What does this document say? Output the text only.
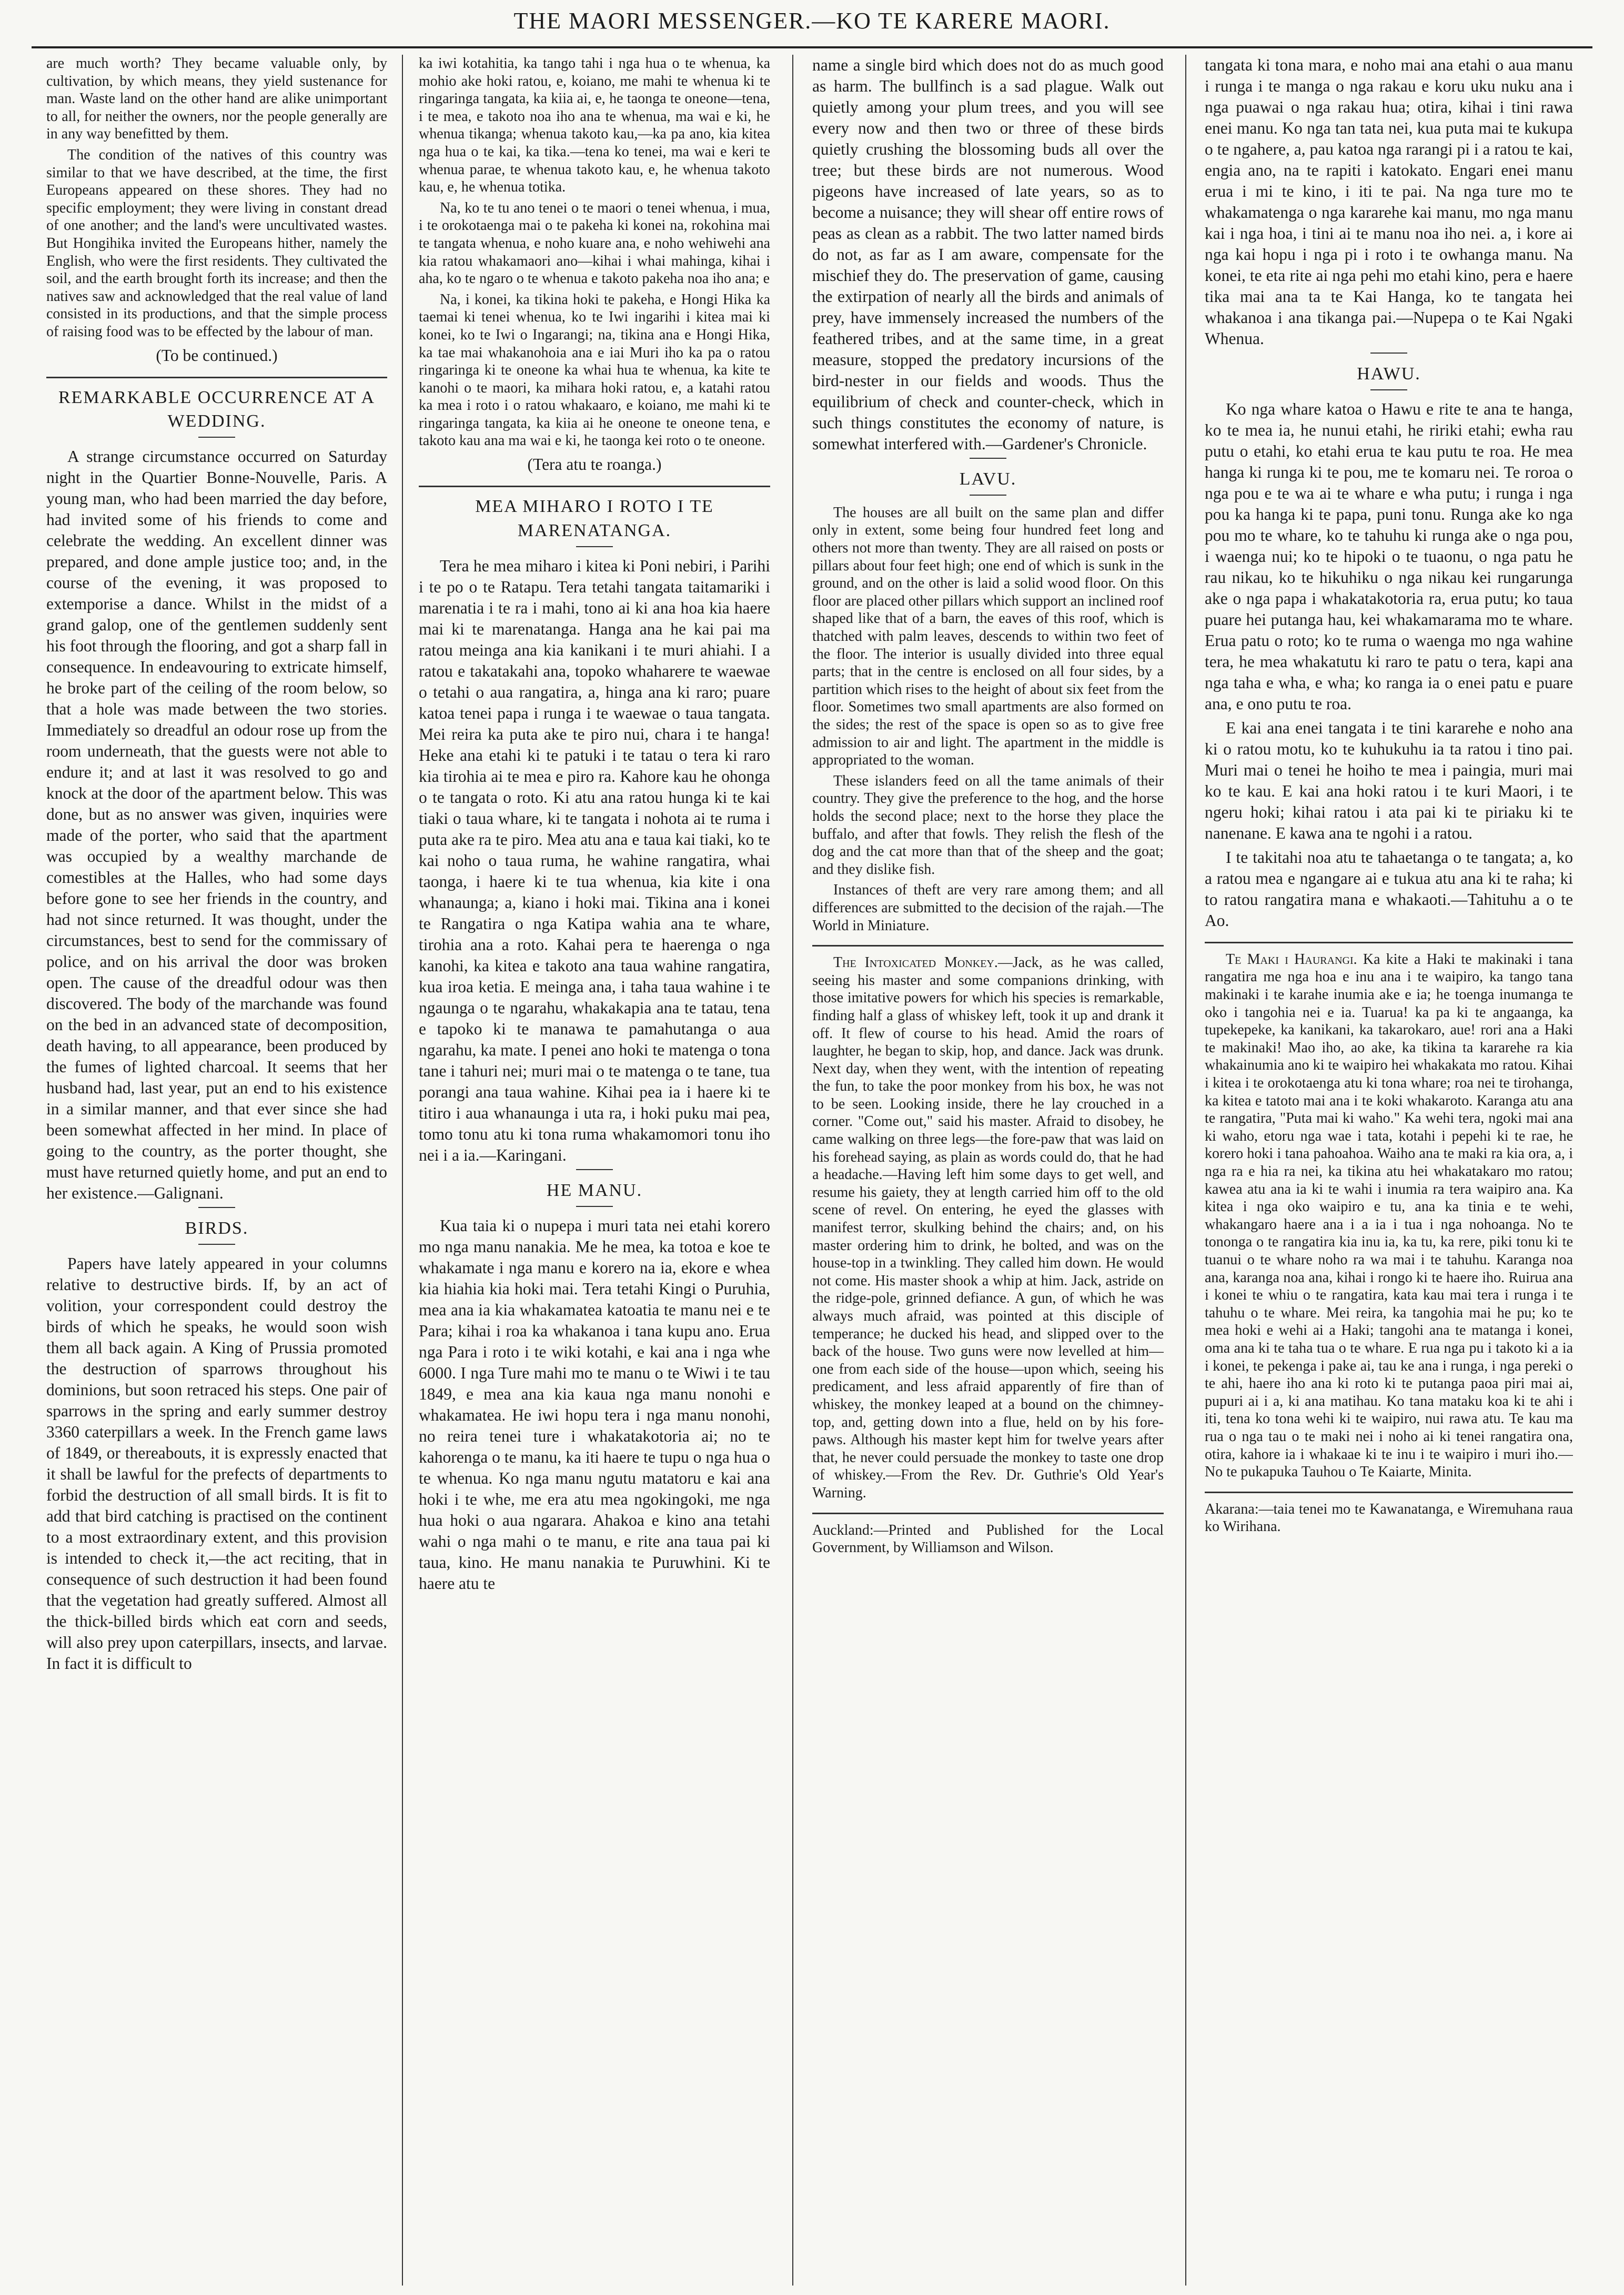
THE MAORI MESSENGER.—KO TE KARERE MAORI.

are much worth? They became valuable only, by cultivation, by which means, they yield sustenance for man. Waste land on the other hand are alike unimportant to all, for neither the owners, nor the people generally are in any way benefitted by them.

The condition of the natives of this country was similar to that we have described, at the time, the first Europeans appeared on these shores. They had no specific employment; they were living in constant dread of one another; and the land's were uncultivated wastes. But Hongihika invited the Europeans hither, namely the English, who were the first residents. They cultivated the soil, and the earth brought forth its increase; and then the natives saw and acknowledged that the real value of land consisted in its productions, and that the simple process of raising food was to be effected by the labour of man.

(To be continued.)

REMARKABLE OCCURRENCE AT A WEDDING.

A strange circumstance occurred on Saturday night in the Quartier Bonne-Nouvelle, Paris. A young man, who had been married the day before, had invited some of his friends to come and celebrate the wedding. An excellent dinner was prepared, and done ample justice too; and, in the course of the evening, it was proposed to extemporise a dance. Whilst in the midst of a grand galop, one of the gentlemen suddenly sent his foot through the flooring, and got a sharp fall in consequence. In endeavouring to extricate himself, he broke part of the ceiling of the room below, so that a hole was made between the two stories. Immediately so dreadful an odour rose up from the room underneath, that the guests were not able to endure it; and at last it was resolved to go and knock at the door of the apartment below. This was done, but as no answer was given, inquiries were made of the porter, who said that the apartment was occupied by a wealthy marchande de comestibles at the Halles, who had some days before gone to see her friends in the country, and had not since returned. It was thought, under the circumstances, best to send for the commissary of police, and on his arrival the door was broken open. The cause of the dreadful odour was then discovered. The body of the marchande was found on the bed in an advanced state of decomposition, death having, to all appearance, been produced by the fumes of lighted charcoal. It seems that her husband had, last year, put an end to his existence in a similar manner, and that ever since she had been somewhat affected in her mind. In place of going to the country, as the porter thought, she must have returned quietly home, and put an end to her existence.—Galignani.

BIRDS.

Papers have lately appeared in your columns relative to destructive birds. If, by an act of volition, your correspondent could destroy the birds of which he speaks, he would soon wish them all back again. A King of Prussia promoted the destruction of sparrows throughout his dominions, but soon retraced his steps. One pair of sparrows in the spring and early summer destroy 3360 caterpillars a week. In the French game laws of 1849, or thereabouts, it is expressly enacted that it shall be lawful for the prefects of departments to forbid the destruction of all small birds. It is fit to add that bird catching is practised on the continent to a most extraordinary extent, and this provision is intended to check it,—the act reciting, that in consequence of such destruction it had been found that the vegetation had greatly suffered. Almost all the thick-billed birds which eat corn and seeds, will also prey upon caterpillars, insects, and larvae. In fact it is difficult to

ka iwi kotahitia, ka tango tahi i nga hua o te whenua, ka mohio ake hoki ratou, e, koiano, me mahi te whenua ki te ringaringa tangata, ka kiia ai, e, he taonga te oneone—tena, i te mea, e takoto noa iho ana te whenua, ma wai e ki, he whenua tikanga; whenua takoto kau,—ka pa ano, kia kitea nga hua o te kai, ka tika.—tena ko tenei, ma wai e keri te whenua parae, te whenua takoto kau, e, he whenua takoto kau, e, he whenua totika.

Na, ko te tu ano tenei o te maori o tenei whenua, i mua, i te orokotaenga mai o te pakeha ki konei na, rokohina mai te tangata whenua, e noho kuare ana, e noho wehiwehi ana kia ratou whakamaori ano—kihai i whai mahinga, kihai i aha, ko te ngaro o te whenua e takoto pakeha noa iho ana; e

Na, i konei, ka tikina hoki te pakeha, e Hongi Hika ka taemai ki tenei whenua, ko te Iwi ingarihi i kitea mai ki konei, ko te Iwi o Ingarangi; na, tikina ana e Hongi Hika, ka tae mai whakanohoia ana e iai Muri iho ka pa o ratou ringaringa ki te oneone ka whai hua te whenua, ka kite te kanohi o te maori, ka mihara hoki ratou, e, a katahi ratou ka mea i roto i o ratou whakaaro, e koiano, me mahi ki te ringaringa tangata, ka kiia ai he oneone te oneone tena, e takoto kau ana ma wai e ki, he taonga kei roto o te oneone.

(Tera atu te roanga.)

MEA MIHARO I ROTO I TE MARENATANGA.

Tera he mea miharo i kitea ki Poni nebiri, i Parihi i te po o te Ratapu. Tera tetahi tangata taitamariki i marenatia i te ra i mahi, tono ai ki ana hoa kia haere mai ki te marenatanga. Hanga ana he kai pai ma ratou meinga ana kia kanikani i te muri ahiahi. I a ratou e takatakahi ana, topoko whaharere te waewae o tetahi o aua rangatira, a, hinga ana ki raro; puare katoa tenei papa i runga i te waewae o taua tangata. Mei reira ka puta ake te piro nui, chara i te hanga! Heke ana etahi ki te patuki i te tatau o tera ki raro kia tirohia ai te mea e piro ra. Kahore kau he ohonga o te tangata o roto. Ki atu ana ratou hunga ki te kai tiaki o taua whare, ki te tangata i nohota ai te ruma i puta ake ra te piro. Mea atu ana e taua kai tiaki, ko te kai noho o taua ruma, he wahine rangatira, whai taonga, i haere ki te tua whenua, kia kite i ona whanaunga; a, kiano i hoki mai. Tikina ana i konei te Rangatira o nga Katipa wahia ana te whare, tirohia ana a roto. Kahai pera te haerenga o nga kanohi, ka kitea e takoto ana taua wahine rangatira, kua iroa ketia. E meinga ana, i taha taua wahine i te ngaunga o te ngarahu, whakakapia ana te tatau, tena e tapoko ki te manawa te pamahutanga o aua ngarahu, ka mate. I penei ano hoki te matenga o tona tane i tahuri nei; muri mai o te matenga o te tane, tua porangi ana taua wahine. Kihai pea ia i haere ki te titiro i aua whanaunga i uta ra, i hoki puku mai pea, tomo tonu atu ki tona ruma whakamomori tonu iho nei i a ia.—Karingani.

HE MANU.

Kua taia ki o nupepa i muri tata nei etahi korero mo nga manu nanakia. Me he mea, ka totoa e koe te whakamate i nga manu e korero na ia, ekore e whea kia hiahia kia hoki mai. Tera tetahi Kingi o Puruhia, mea ana ia kia whakamatea katoatia te manu nei e te Para; kihai i roa ka whakanoa i tana kupu ano. Erua nga Para i roto i te wiki kotahi, e kai ana i nga whe 6000. I nga Ture mahi mo te manu o te Wiwi i te tau 1849, e mea ana kia kaua nga manu nonohi e whakamatea. He iwi hopu tera i nga manu nonohi, no reira tenei ture i whakatakotoria ai; no te kahorenga o te manu, ka iti haere te tupu o nga hua o te whenua. Ko nga manu ngutu matatoru e kai ana hoki i te whe, me era atu mea ngokingoki, me nga hua hoki o aua ngarara. Ahakoa e kino ana tetahi wahi o nga mahi o te manu, e rite ana taua pai ki taua, kino. He manu nanakia te Puruwhini. Ki te haere atu te

name a single bird which does not do as much good as harm. The bullfinch is a sad plague. Walk out quietly among your plum trees, and you will see every now and then two or three of these birds quietly crushing the blossoming buds all over the tree; but these birds are not numerous. Wood pigeons have increased of late years, so as to become a nuisance; they will shear off entire rows of peas as clean as a rabbit. The two latter named birds do not, as far as I am aware, compensate for the mischief they do. The preservation of game, causing the extirpation of nearly all the birds and animals of prey, have immensely increased the numbers of the feathered tribes, and at the same time, in a great measure, stopped the predatory incursions of the bird-nester in our fields and woods. Thus the equilibrium of check and counter-check, which in such things constitutes the economy of nature, is somewhat interfered with.—Gardener's Chronicle.

LAVU.

The houses are all built on the same plan and differ only in extent, some being four hundred feet long and others not more than twenty. They are all raised on posts or pillars about four feet high; one end of which is sunk in the ground, and on the other is laid a solid wood floor. On this floor are placed other pillars which support an inclined roof shaped like that of a barn, the eaves of this roof, which is thatched with palm leaves, descends to within two feet of the floor. The interior is usually divided into three equal parts; that in the centre is enclosed on all four sides, by a partition which rises to the height of about six feet from the floor. Sometimes two small apartments are also formed on the sides; the rest of the space is open so as to give free admission to air and light. The apartment in the middle is appropriated to the woman.

These islanders feed on all the tame animals of their country. They give the preference to the hog, and the horse holds the second place; next to the horse they place the buffalo, and after that fowls. They relish the flesh of the dog and the cat more than that of the sheep and the goat; and they dislike fish.

Instances of theft are very rare among them; and all differences are submitted to the decision of the rajah.—The World in Miniature.

The Intoxicated Monkey.—Jack, as he was called, seeing his master and some companions drinking, with those imitative powers for which his species is remarkable, finding half a glass of whiskey left, took it up and drank it off. It flew of course to his head. Amid the roars of laughter, he began to skip, hop, and dance. Jack was drunk. Next day, when they went, with the intention of repeating the fun, to take the poor monkey from his box, he was not to be seen. Looking inside, there he lay crouched in a corner. "Come out," said his master. Afraid to disobey, he came walking on three legs—the fore-paw that was laid on his forehead saying, as plain as words could do, that he had a headache.—Having left him some days to get well, and resume his gaiety, they at length carried him off to the old scene of revel. On entering, he eyed the glasses with manifest terror, skulking behind the chairs; and, on his master ordering him to drink, he bolted, and was on the house-top in a twinkling. They called him down. He would not come. His master shook a whip at him. Jack, astride on the ridge-pole, grinned defiance. A gun, of which he was always much afraid, was pointed at this disciple of temperance; he ducked his head, and slipped over to the back of the house. Two guns were now levelled at him—one from each side of the house—upon which, seeing his predicament, and less afraid apparently of fire than of whiskey, the monkey leaped at a bound on the chimney-top, and, getting down into a flue, held on by his fore-paws. Although his master kept him for twelve years after that, he never could persuade the monkey to taste one drop of whiskey.—From the Rev. Dr. Guthrie's Old Year's Warning.

Auckland:—Printed and Published for the Local Government, by Williamson and Wilson.

tangata ki tona mara, e noho mai ana etahi o aua manu i runga i te manga o nga rakau e koru uku nuku ana i nga puawai o nga rakau hua; otira, kihai i tini rawa enei manu. Ko nga tan tata nei, kua puta mai te kukupa o te ngahere, a, pau katoa nga rarangi pi i a ratou te kai, engia ano, na te rapiti i katokato. Engari enei manu erua i mi te kino, i iti te pai. Na nga ture mo te whakamatenga o nga kararehe kai manu, mo nga manu kai i nga hoa, i tini ai te manu noa iho nei. a, i kore ai nga kai hopu i nga pi i roto i te owhanga manu. Na konei, te eta rite ai nga pehi mo etahi kino, pera e haere tika mai ana ta te Kai Hanga, ko te tangata hei whakanoa i ana tikanga pai.—Nupepa o te Kai Ngaki Whenua.

HAWU.

Ko nga whare katoa o Hawu e rite te ana te hanga, ko te mea ia, he nunui etahi, he ririki etahi; ewha rau putu o etahi, ko etahi erua te kau putu te roa. He mea hanga ki runga ki te pou, me te komaru nei. Te roroa o nga pou e te wa ai te whare e wha putu; i runga i nga pou ka hanga ki te papa, puni tonu. Runga ake ko nga pou mo te whare, ko te tahuhu ki runga ake o nga pou, i waenga nui; ko te hipoki o te tuaonu, o nga patu he rau nikau, ko te hikuhiku o nga nikau kei rungarunga ake o nga papa i whakatakotoria ra, erua putu; ko taua puare hei putanga hau, kei whakamarama mo te whare. Erua patu o roto; ko te ruma o waenga mo nga wahine tera, he mea whakatutu ki raro te patu o tera, kapi ana nga taha e wha, e wha; ko ranga ia o enei patu e puare ana, e ono putu te roa.

E kai ana enei tangata i te tini kararehe e noho ana ki o ratou motu, ko te kuhukuhu ia ta ratou i tino pai. Muri mai o tenei he hoiho te mea i paingia, muri mai ko te kau. E kai ana hoki ratou i te kuri Maori, i te ngeru hoki; kihai ratou i ata pai ki te piriaku ki te nanenane. E kawa ana te ngohi i a ratou.

I te takitahi noa atu te tahaetanga o te tangata; a, ko a ratou mea e ngangare ai e tukua atu ana ki te raha; ki to ratou rangatira mana e whakaoti.—Tahituhu a o te Ao.

Te Maki i Haurangi. Ka kite a Haki te makinaki i tana rangatira me nga hoa e inu ana i te waipiro, ka tango tana makinaki i te karahe inumia ake e ia; he toenga inumanga te oko i tangohia nei e ia. Tuarua! ka pa ki te angaanga, ka tupekepeke, ka kanikani, ka takarokaro, aue! rori ana a Haki te makinaki! Mao iho, ao ake, ka tikina ta kararehe ra kia whakainumia ano ki te waipiro hei whakakata mo ratou. Kihai i kitea i te orokotaenga atu ki tona whare; roa nei te tirohanga, ka kitea e tatoto mai ana i te koki whakaroto. Karanga atu ana te rangatira, "Puta mai ki waho." Ka wehi tera, ngoki mai ana ki waho, etoru nga wae i tata, kotahi i pepehi ki te rae, he korero hoki i tana pahoahoa. Waiho ana te maki ra kia ora, a, i nga ra e hia ra nei, ka tikina atu hei whakatakaro mo ratou; kawea atu ana ia ki te wahi i inumia ra tera waipiro ana. Ka kitea i nga oko waipiro e tu, ana ka tinia e te wehi, whakangaro haere ana i a ia i tua i nga nohoanga. No te tononga o te rangatira kia inu ia, ka tu, ka rere, piki tonu ki te tuanui o te whare noho ra wa mai i te tahuhu. Karanga noa ana, karanga noa ana, kihai i rongo ki te haere iho. Ruirua ana i konei te whiu o te rangatira, kata kau mai tera i runga i te tahuhu o te whare. Mei reira, ka tangohia mai he pu; ko te mea hoki e wehi ai a Haki; tangohi ana te matanga i konei, oma ana ki te taha tua o te whare. E rua nga pu i takoto ki a ia i konei, te pekenga i pake ai, tau ke ana i runga, i nga pereki o te ahi, haere iho ana ki roto ki te putanga paoa piri mai ai, pupuri ai i a, ki ana matihau. Ko tana mataku koa ki te ahi i iti, tena ko tona wehi ki te waipiro, nui rawa atu. Te kau ma rua o nga tau o te maki nei i noho ai ki tenei rangatira ona, otira, kahore ia i whakaae ki te inu i te waipiro i muri iho.—No te pukapuka Tauhou o Te Kaiarte, Minita.

Akarana:—taia tenei mo te Kawanatanga, e Wiremuhana raua ko Wirihana.
